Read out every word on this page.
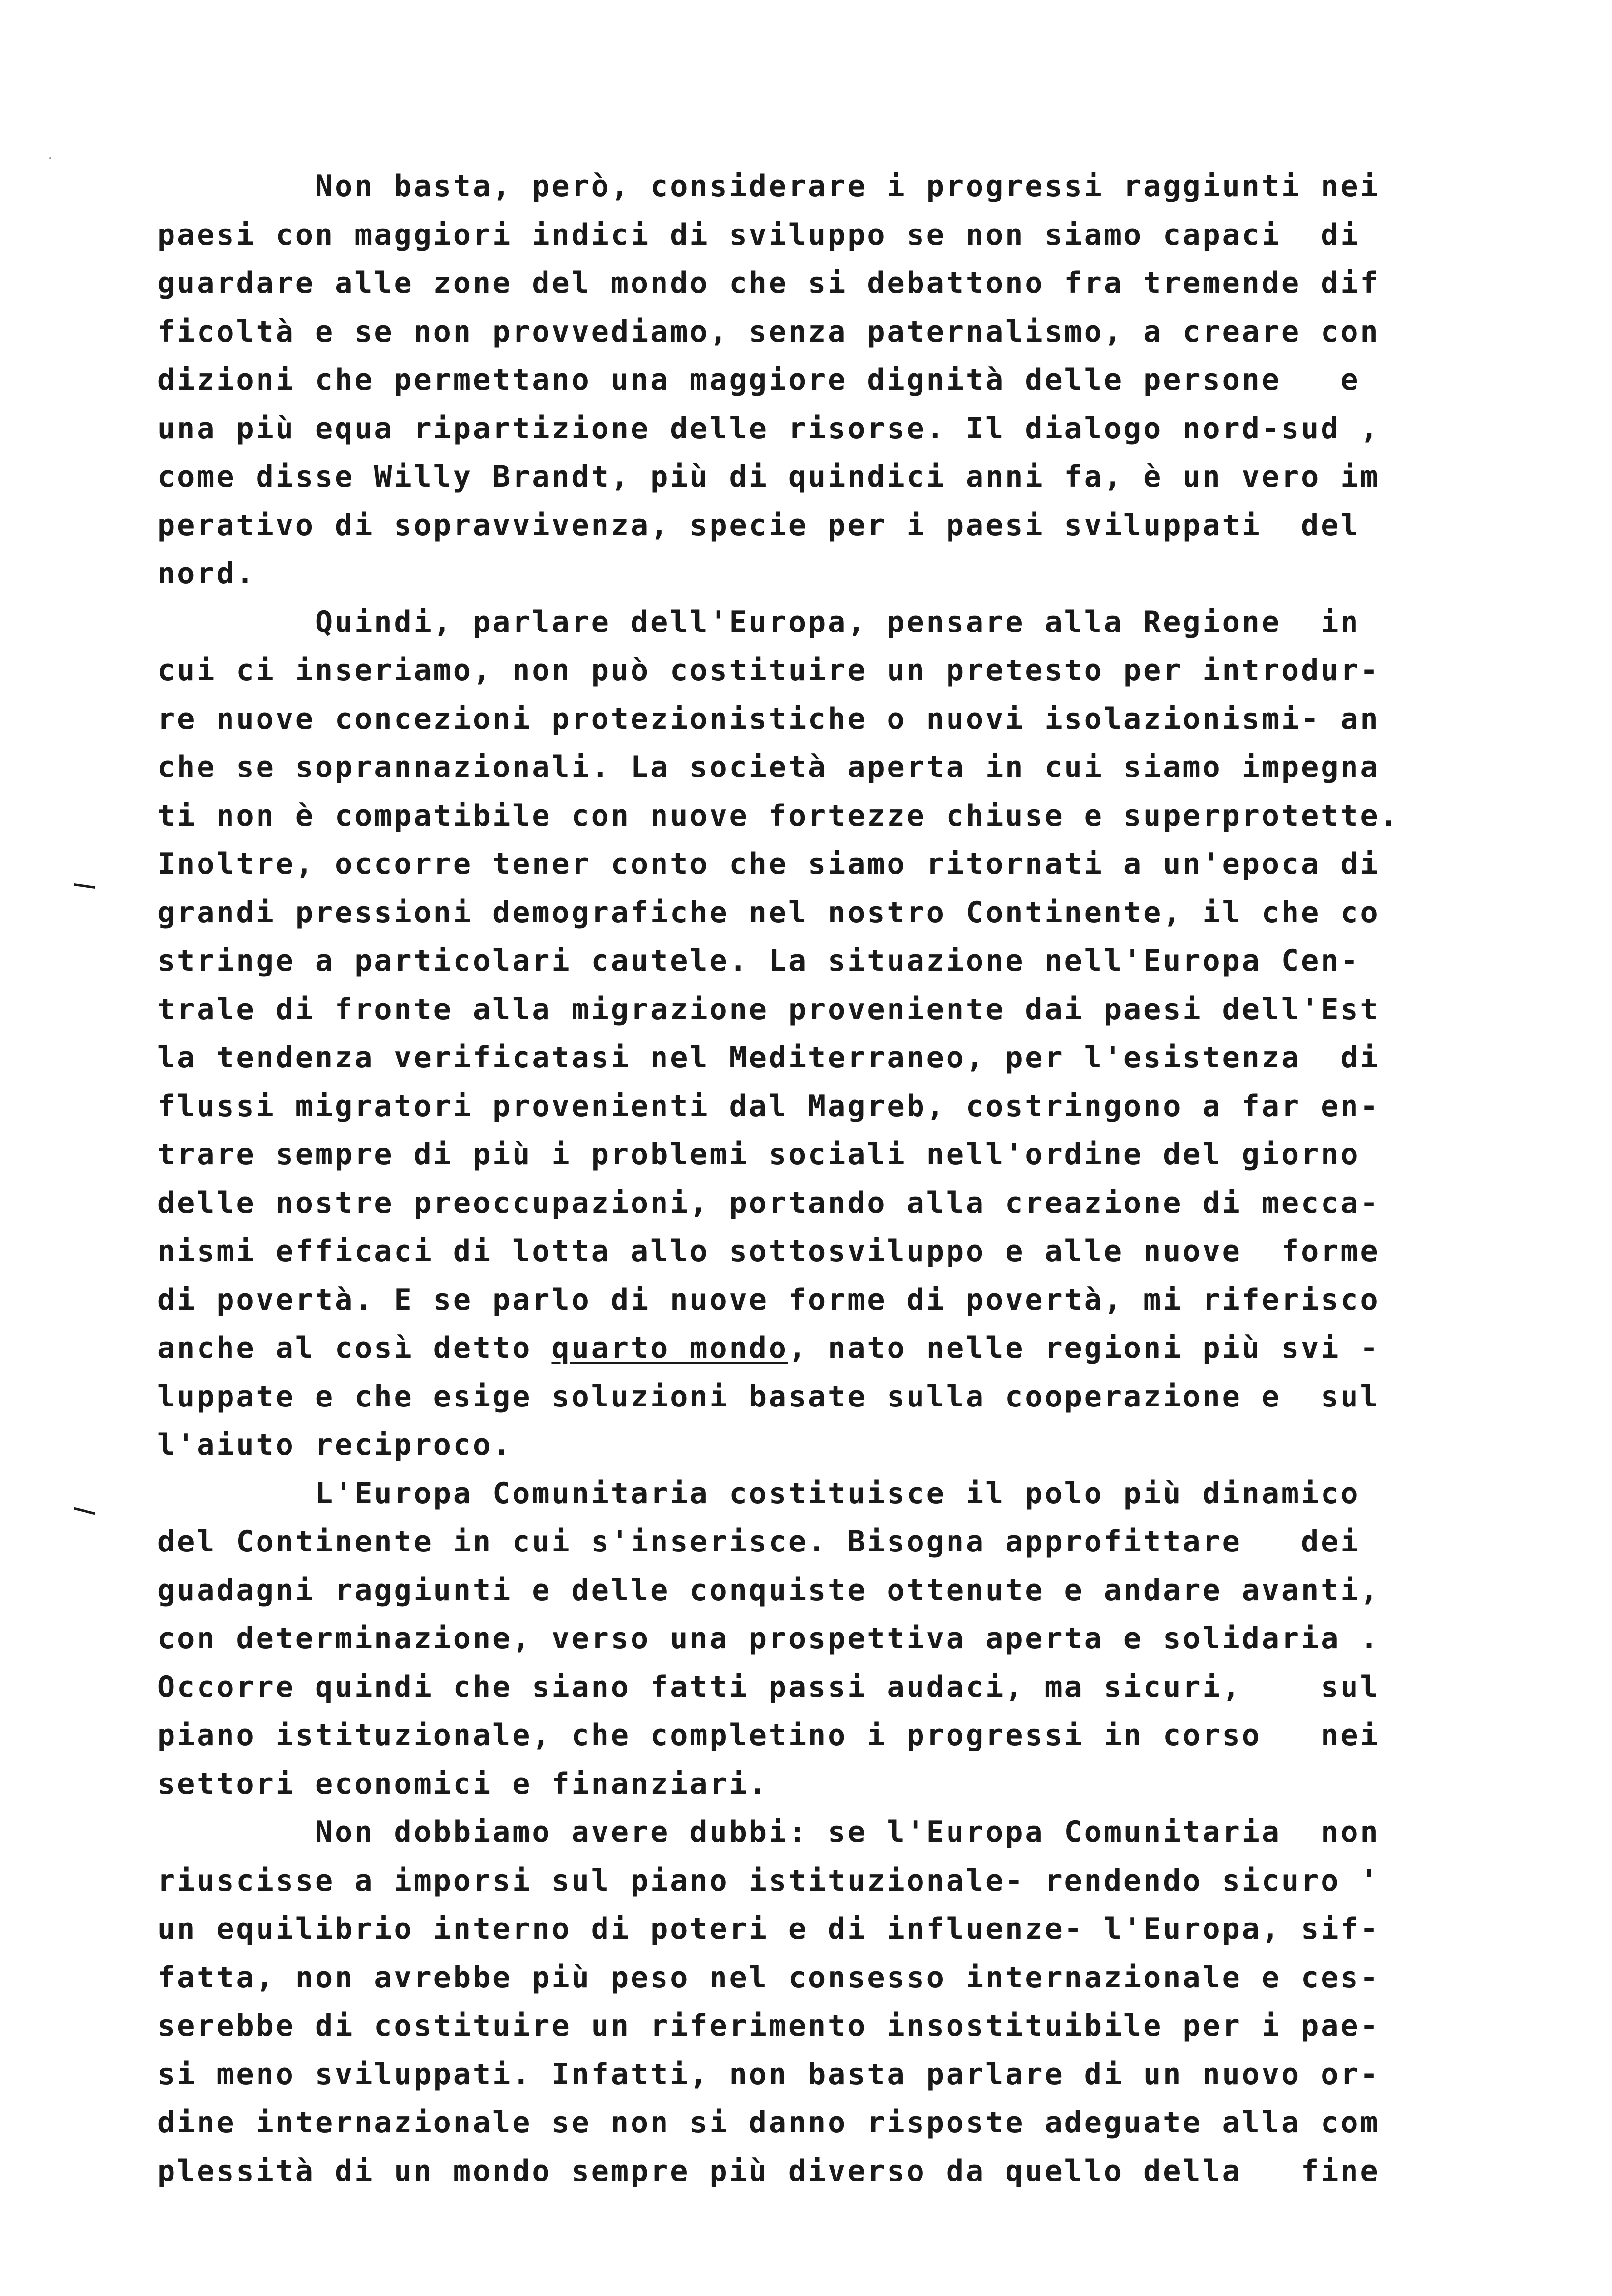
Non basta, però, considerare i progressi raggiunti nei
paesi con maggiori indici di sviluppo se non siamo capaci  di
guardare alle zone del mondo che si debattono fra tremende dif
ficoltà e se non provvediamo, senza paternalismo, a creare con
dizioni che permettano una maggiore dignità delle persone   e
una più equa ripartizione delle risorse. Il dialogo nord-sud ,
come disse Willy Brandt, più di quindici anni fa, è un vero im
perativo di sopravvivenza, specie per i paesi sviluppati  del
nord.
Quindi, parlare dell'Europa, pensare alla Regione  in
cui ci inseriamo, non può costituire un pretesto per introdur-
re nuove concezioni protezionistiche o nuovi isolazionismi- an
che se soprannazionali. La società aperta in cui siamo impegna
ti non è compatibile con nuove fortezze chiuse e superprotette.
Inoltre, occorre tener conto che siamo ritornati a un'epoca di
grandi pressioni demografiche nel nostro Continente, il che co
stringe a particolari cautele. La situazione nell'Europa Cen-
trale di fronte alla migrazione proveniente dai paesi dell'Est
la tendenza verificatasi nel Mediterraneo, per l'esistenza  di
flussi migratori provenienti dal Magreb, costringono a far en-
trare sempre di più i problemi sociali nell'ordine del giorno
delle nostre preoccupazioni, portando alla creazione di mecca-
nismi efficaci di lotta allo sottosviluppo e alle nuove  forme
di povertà. E se parlo di nuove forme di povertà, mi riferisco
anche al così detto quarto mondo, nato nelle regioni più svi -
luppate e che esige soluzioni basate sulla cooperazione e  sul
l'aiuto reciproco.
L'Europa Comunitaria costituisce il polo più dinamico
del Continente in cui s'inserisce. Bisogna approfittare   dei
guadagni raggiunti e delle conquiste ottenute e andare avanti,
con determinazione, verso una prospettiva aperta e solidaria .
Occorre quindi che siano fatti passi audaci, ma sicuri,    sul
piano istituzionale, che completino i progressi in corso   nei
settori economici e finanziari.
Non dobbiamo avere dubbi: se l'Europa Comunitaria  non
riuscisse a imporsi sul piano istituzionale- rendendo sicuro '
un equilibrio interno di poteri e di influenze- l'Europa, sif-
fatta, non avrebbe più peso nel consesso internazionale e ces-
serebbe di costituire un riferimento insostituibile per i pae-
si meno sviluppati. Infatti, non basta parlare di un nuovo or-
dine internazionale se non si danno risposte adeguate alla com
plessità di un mondo sempre più diverso da quello della   fine
